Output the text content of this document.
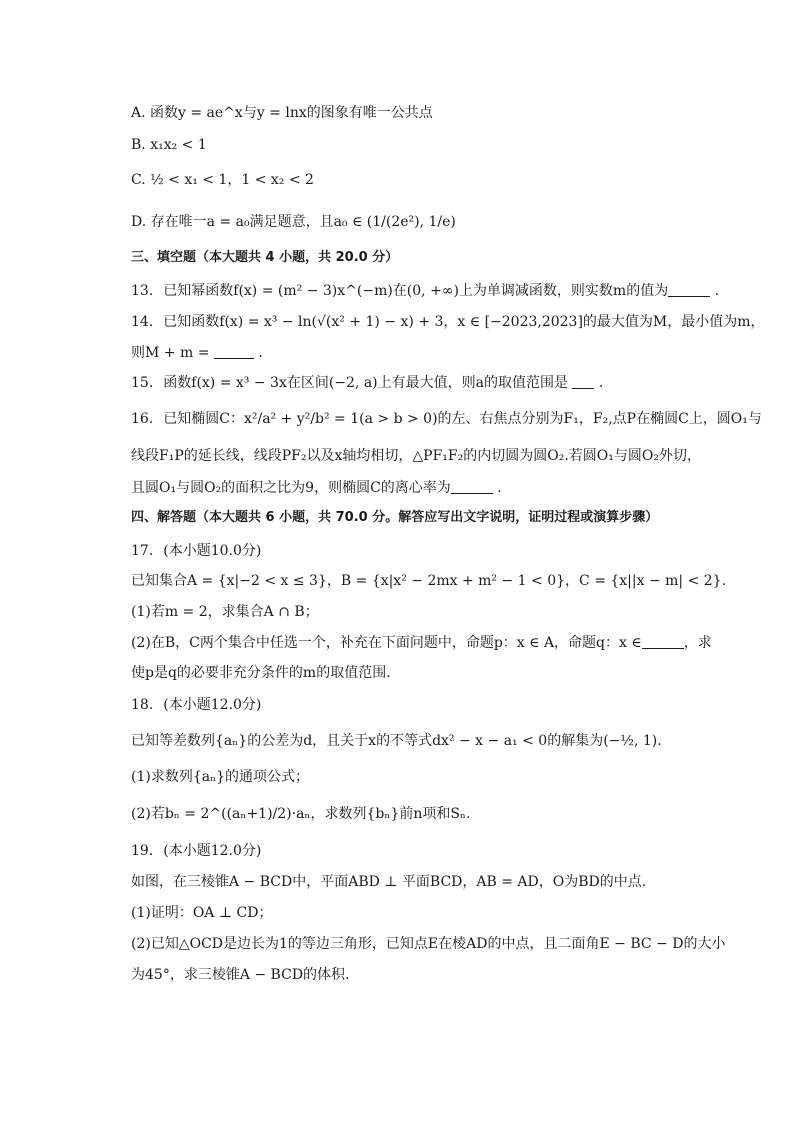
A. 函数y = ae^x与y = lnx的图象有唯一公共点
B. x₁x₂ < 1
C. ½ < x₁ < 1，1 < x₂ < 2
D. 存在唯一a = a₀满足题意，且a₀ ∈ (1/(2e²), 1/e)
三、填空题（本大题共 4 小题，共 20.0 分）
13. 已知幂函数f(x) = (m² − 3)x^(−m)在(0, +∞)上为单调减函数，则实数m的值为	.
14. 已知函数f(x) = x³ − ln(√(x² + 1) − x) + 3，x ∈ [−2023,2023]的最大值为M，最小值为m，
则M + m =	.
15. 函数f(x) = x³ − 3x在区间(−2, a)上有最大值，则a的取值范围是 .
16. 已知椭圆C：x²/a² + y²/b² = 1(a > b > 0)的左、右焦点分别为F₁，F₂,点P在椭圆C上，圆O₁与
线段F₁P的延长线，线段PF₂以及x轴均相切，△PF₁F₂的内切圆为圆O₂.若圆O₁与圆O₂外切，
且圆O₁与圆O₂的面积之比为9，则椭圆C的离心率为	.
四、解答题（本大题共 6 小题，共 70.0 分。解答应写出文字说明，证明过程或演算步骤）
17. (本小题10.0分)
已知集合A = {x|−2 < x ≤ 3}，B = {x|x² − 2mx + m² − 1 < 0}，C = {x||x − m| < 2}.
(1)若m = 2，求集合A ∩ B；
(2)在B，C两个集合中任选一个，补充在下面问题中，命题p：x ∈ A，命题q：x ∈	，求
使p是q的必要非充分条件的m的取值范围.
18. (本小题12.0分)
已知等差数列{aₙ}的公差为d，且关于x的不等式dx² − x − a₁ < 0的解集为(−½, 1).
(1)求数列{aₙ}的通项公式；
(2)若bₙ = 2^((aₙ+1)/2)·aₙ，求数列{bₙ}前n项和Sₙ.
19. (本小题12.0分)
如图，在三棱锥A − BCD中，平面ABD ⊥ 平面BCD，AB = AD，O为BD的中点.
(1)证明：OA ⊥ CD；
(2)已知△OCD是边长为1的等边三角形，已知点E在棱AD的中点，且二面角E − BC − D的大小
为45°，求三棱锥A − BCD的体积.
